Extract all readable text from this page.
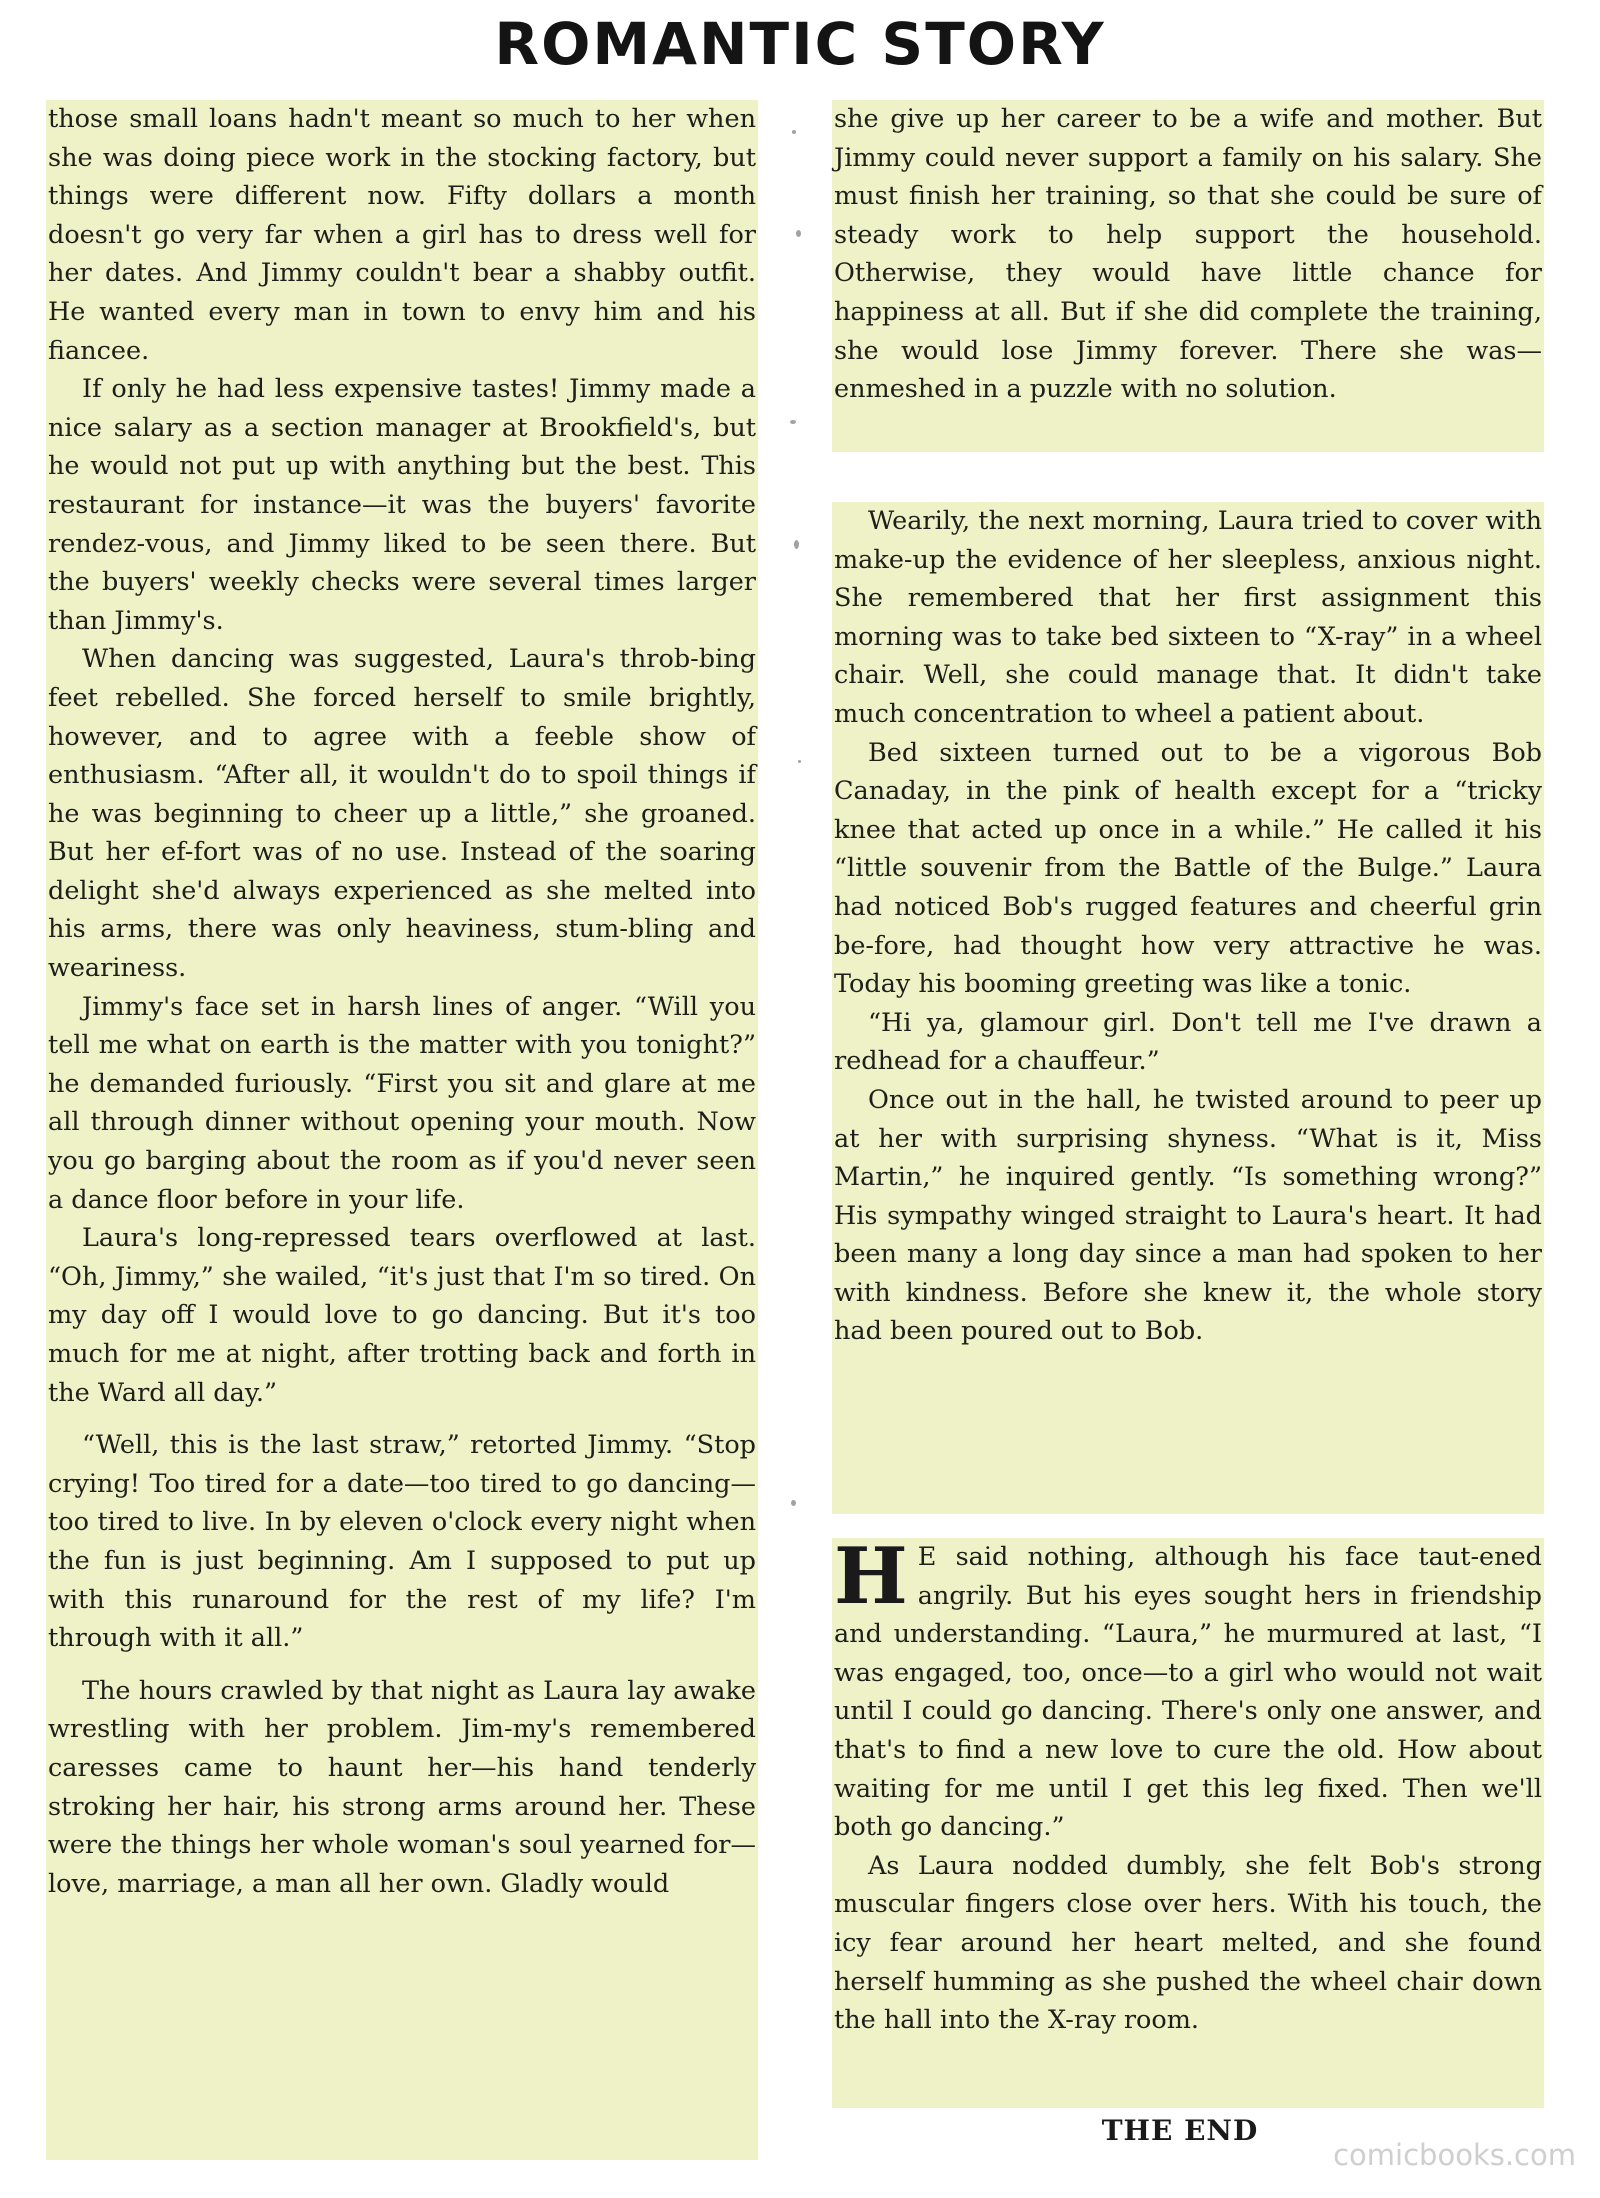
ROMANTIC STORY

those small loans hadn't meant so much to her when she was doing piece work in the stocking factory, but things were different now. Fifty dollars a month doesn't go very far when a girl has to dress well for her dates. And Jimmy couldn't bear a shabby outfit. He wanted every man in town to envy him and his fiancee.

If only he had less expensive tastes! Jimmy made a nice salary as a section manager at Brookfield's, but he would not put up with anything but the best. This restaurant for instance—it was the buyers' favorite rendez-vous, and Jimmy liked to be seen there. But the buyers' weekly checks were several times larger than Jimmy's.

When dancing was suggested, Laura's throb-bing feet rebelled. She forced herself to smile brightly, however, and to agree with a feeble show of enthusiasm. “After all, it wouldn't do to spoil things if he was beginning to cheer up a little,” she groaned. But her ef-fort was of no use. Instead of the soaring delight she'd always experienced as she melted into his arms, there was only heaviness, stum-bling and weariness.

Jimmy's face set in harsh lines of anger. “Will you tell me what on earth is the matter with you tonight?” he demanded furiously. “First you sit and glare at me all through dinner without opening your mouth. Now you go barging about the room as if you'd never seen a dance floor before in your life.

Laura's long-repressed tears overflowed at last. “Oh, Jimmy,” she wailed, “it's just that I'm so tired. On my day off I would love to go dancing. But it's too much for me at night, after trotting back and forth in the Ward all day.”

“Well, this is the last straw,” retorted Jimmy. “Stop crying! Too tired for a date—too tired to go dancing—too tired to live. In by eleven o'clock every night when the fun is just beginning. Am I supposed to put up with this runaround for the rest of my life? I'm through with it all.”

The hours crawled by that night as Laura lay awake wrestling with her problem. Jim-my's remembered caresses came to haunt her—his hand tenderly stroking her hair, his strong arms around her. These were the things her whole woman's soul yearned for—love, marriage, a man all her own. Gladly would

she give up her career to be a wife and mother. But Jimmy could never support a family on his salary. She must finish her training, so that she could be sure of steady work to help support the household. Otherwise, they would have little chance for happiness at all. But if she did complete the training, she would lose Jimmy forever. There she was—enmeshed in a puzzle with no solution.

Wearily, the next morning, Laura tried to cover with make-up the evidence of her sleepless, anxious night. She remembered that her first assignment this morning was to take bed sixteen to “X-ray” in a wheel chair. Well, she could manage that. It didn't take much concentration to wheel a patient about.

Bed sixteen turned out to be a vigorous Bob Canaday, in the pink of health except for a “tricky knee that acted up once in a while.” He called it his “little souvenir from the Battle of the Bulge.” Laura had noticed Bob's rugged features and cheerful grin be-fore, had thought how very attractive he was. Today his booming greeting was like a tonic.

“Hi ya, glamour girl. Don't tell me I've drawn a redhead for a chauffeur.”

Once out in the hall, he twisted around to peer up at her with surprising shyness. “What is it, Miss Martin,” he inquired gently. “Is something wrong?” His sympathy winged straight to Laura's heart. It had been many a long day since a man had spoken to her with kindness. Before she knew it, the whole story had been poured out to Bob.

H E said nothing, although his face taut-ened angrily. But his eyes sought hers in friendship and understanding. “Laura,” he murmured at last, “I was engaged, too, once—to a girl who would not wait until I could go dancing. There's only one answer, and that's to find a new love to cure the old. How about waiting for me until I get this leg fixed. Then we'll both go dancing.”

As Laura nodded dumbly, she felt Bob's strong muscular fingers close over hers. With his touch, the icy fear around her heart melted, and she found herself humming as she pushed the wheel chair down the hall into the X-ray room.

THE END
comicbooks.com
